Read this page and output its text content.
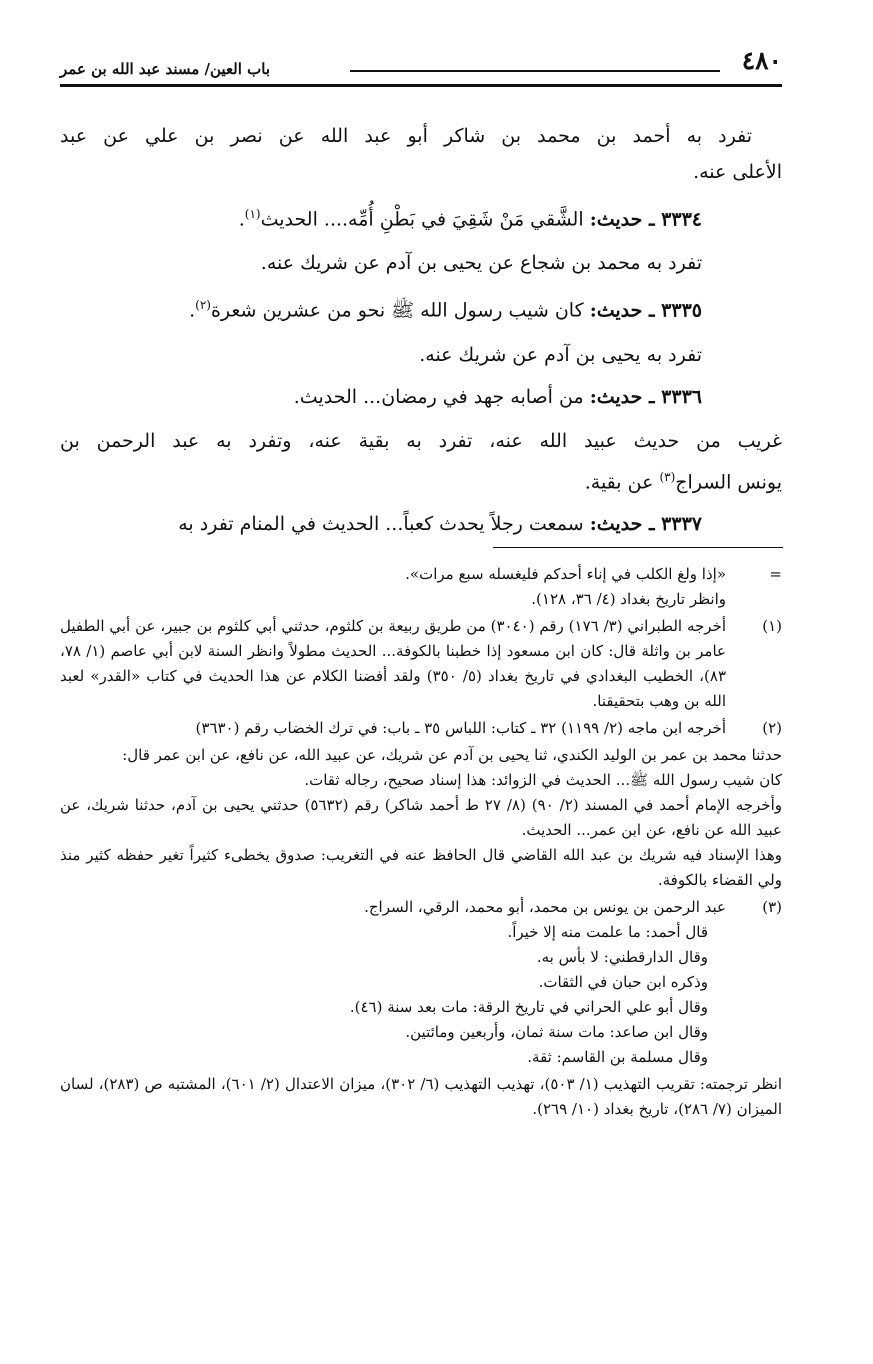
٤٨٠
باب العين/ مسند عبد الله بن عمر

تفرد به أحمد بن محمد بن شاكر أبو عبد الله عن نصر بن علي عن عبد

الأعلى عنه.

٣٣٣٤ ـ حديث: الشَّقي مَنْ شَقِيَ في بَطْنِ أُمِّه.... الحديث$^{(١)}$.

تفرد به محمد بن شجاع عن يحيى بن آدم عن شريك عنه.

٣٣٣٥ ـ حديث: كان شيب رسول الله ﷺ نحو من عشرين شعرة$^{(٢)}$.

تفرد به يحيى بن آدم عن شريك عنه.

٣٣٣٦ ـ حديث: من أصابه جهد في رمضان... الحديث.

غريب من حديث عبيد الله عنه، تفرد به بقية عنه، وتفرد به عبد الرحمن بن

يونس السراج$^{(٣)}$ عن بقية.

٣٣٣٧ ـ حديث: سمعت رجلاً يحدث كعباً... الحديث في المنام تفرد به

=

«إذا ولغ الكلب في إناء أحدكم فليغسله سبع مرات».

وانظر تاريخ بغداد (٤/ ٣٦، ١٢٨).

(١)

أخرجه الطبراني (٣/ ١٧٦) رقم (٣٠٤٠) من طريق ربيعة بن كلثوم، حدثني أبي كلثوم بن جبير، عن أبي الطفيل عامر بن واثلة قال: كان ابن مسعود إذا خطبنا بالكوفة... الحديث مطولاً وانظر السنة لابن أبي عاصم (١/ ٧٨، ٨٣)، الخطيب البغدادي في تاريخ بغداد (٥/ ٣٥٠) ولقد أفضنا الكلام عن هذا الحديث في كتاب «القدر» لعبد الله بن وهب بتحقيقنا.

(٢)

أخرجه ابن ماجه (٢/ ١١٩٩) ٣٢ ـ كتاب: اللباس ٣٥ ـ باب: في ترك الخضاب رقم (٣٦٣٠)

حدثنا محمد بن عمر بن الوليد الكندي، ثنا يحيى بن آدم عن شريك، عن عبيد الله، عن نافع، عن ابن عمر قال:

كان شيب رسول الله ﷺ... الحديث في الزوائد: هذا إسناد صحيح، رجاله ثقات.

وأخرجه الإمام أحمد في المسند (٢/ ٩٠) (٨/ ٢٧ ط أحمد شاكر) رقم (٥٦٣٢) حدثني يحيى بن آدم، حدثنا شريك، عن عبيد الله عن نافع، عن ابن عمر... الحديث.

وهذا الإسناد فيه شريك بن عبد الله القاضي قال الحافظ عنه في التغريب: صدوق يخطىء كثيراً تغير حفظه كثير منذ ولي القضاء بالكوفة.

(٣)

عبد الرحمن بن يونس بن محمد، أبو محمد، الرقي، السراج.

قال أحمد: ما علمت منه إلا خيراً.

وقال الدارقطني: لا بأس به.

وذكره ابن حبان في الثقات.

وقال أبو علي الحراني في تاريخ الرقة: مات بعد سنة (٤٦).

وقال ابن صاعد: مات سنة ثمان، وأربعين ومائتين.

وقال مسلمة بن القاسم: ثقة.

انظر ترجمته: تقريب التهذيب (١/ ٥٠٣)، تهذيب التهذيب (٦/ ٣٠٢)، ميزان الاعتدال (٢/ ٦٠١)، المشتبه ص (٢٨٣)، لسان الميزان (٧/ ٢٨٦)، تاريخ بغداد (١٠/ ٢٦٩).
